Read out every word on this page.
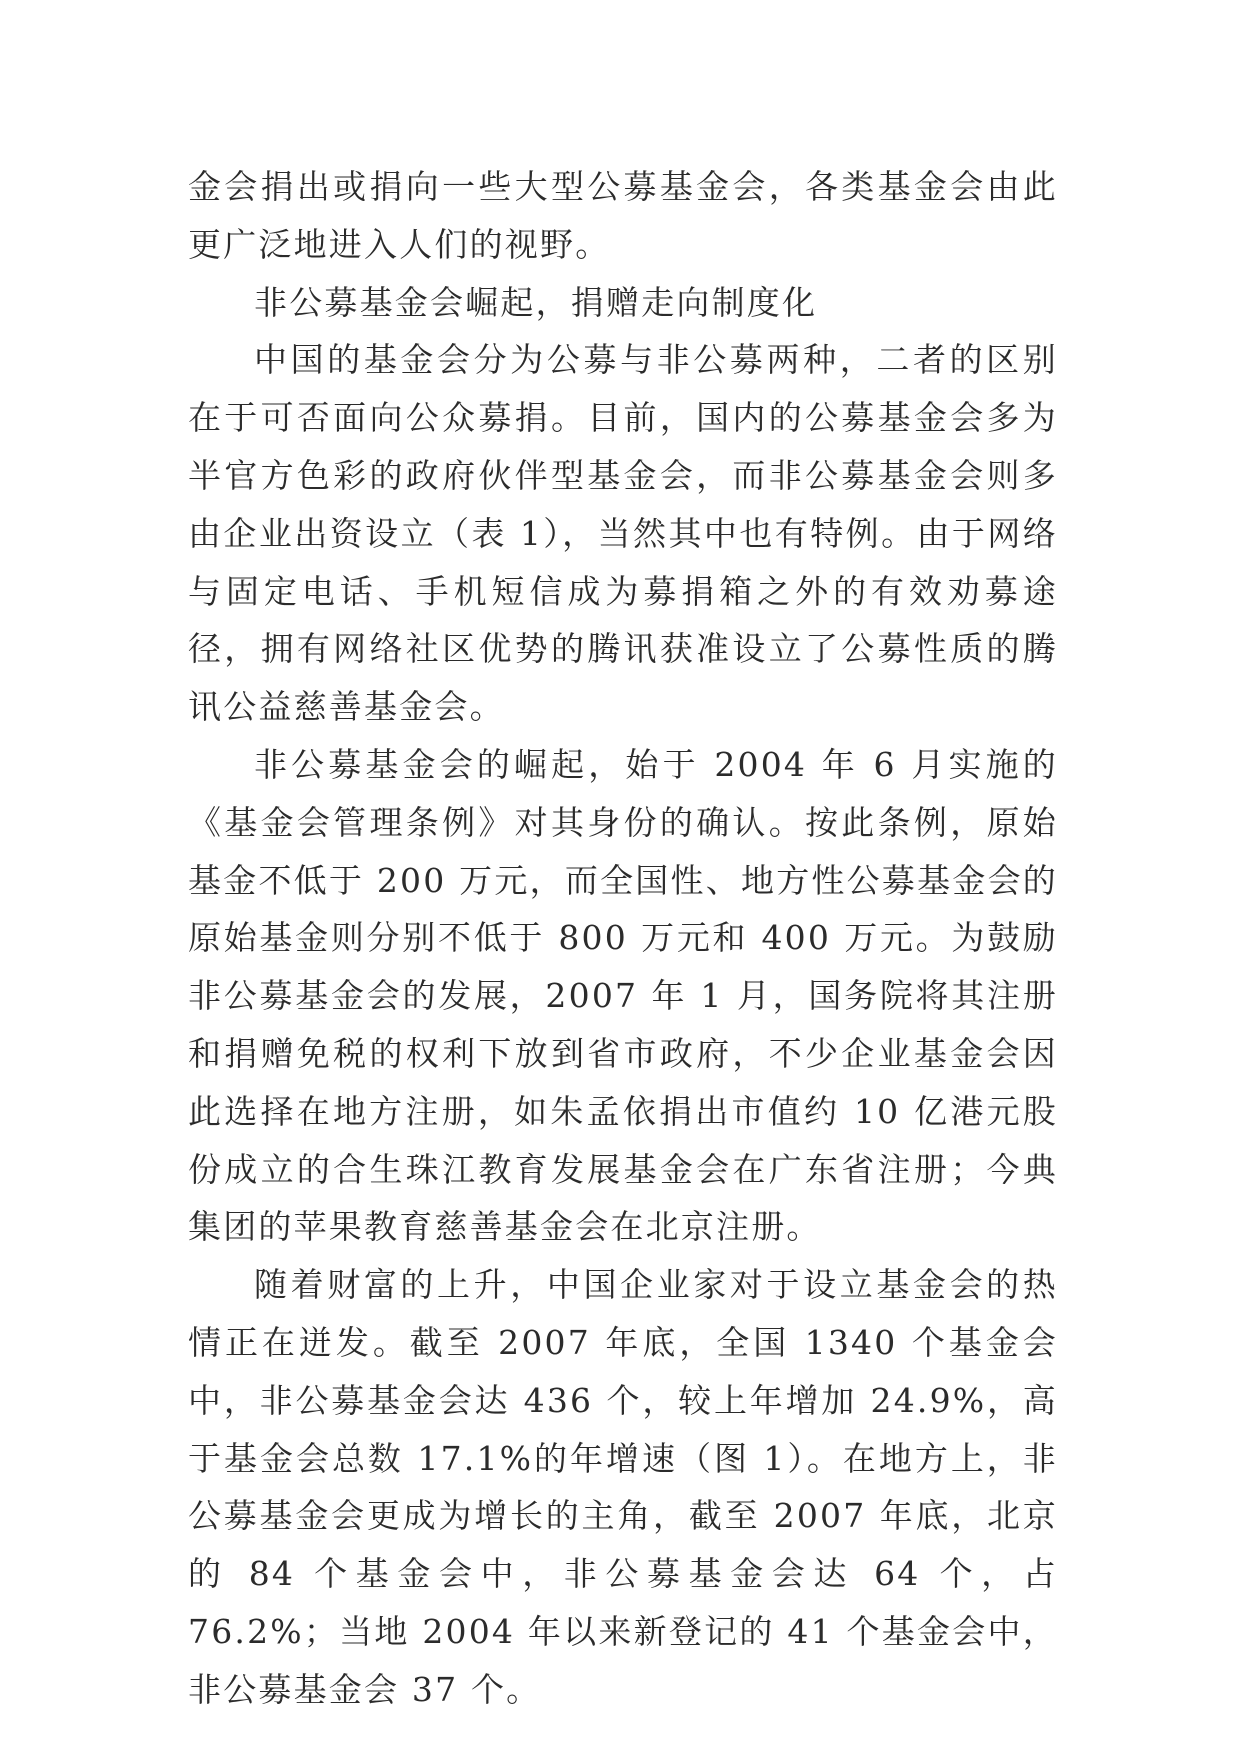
金会捐出或捐向一些大型公募基金会，各类基金会由此更广泛地进入人们的视野。

非公募基金会崛起，捐赠走向制度化

中国的基金会分为公募与非公募两种，二者的区别在于可否面向公众募捐。目前，国内的公募基金会多为半官方色彩的政府伙伴型基金会，而非公募基金会则多由企业出资设立（表 1），当然其中也有特例。由于网络与固定电话、手机短信成为募捐箱之外的有效劝募途径，拥有网络社区优势的腾讯获准设立了公募性质的腾讯公益慈善基金会。

非公募基金会的崛起，始于 2004 年 6 月实施的《基金会管理条例》对其身份的确认。按此条例，原始基金不低于 200 万元，而全国性、地方性公募基金会的原始基金则分别不低于 800 万元和 400 万元。为鼓励非公募基金会的发展，2007 年 1 月，国务院将其注册和捐赠免税的权利下放到省市政府，不少企业基金会因此选择在地方注册，如朱孟依捐出市值约 10 亿港元股份成立的合生珠江教育发展基金会在广东省注册；今典集团的苹果教育慈善基金会在北京注册。

随着财富的上升，中国企业家对于设立基金会的热情正在迸发。截至 2007 年底，全国 1340 个基金会中，非公募基金会达 436 个，较上年增加 24.9%，高于基金会总数 17.1%的年增速（图 1）。在地方上，非公募基金会更成为增长的主角，截至 2007 年底，北京的 84 个基金会中，非公募基金会达 64 个，占 76.2%；当地 2004 年以来新登记的 41 个基金会中，非公募基金会 37 个。
